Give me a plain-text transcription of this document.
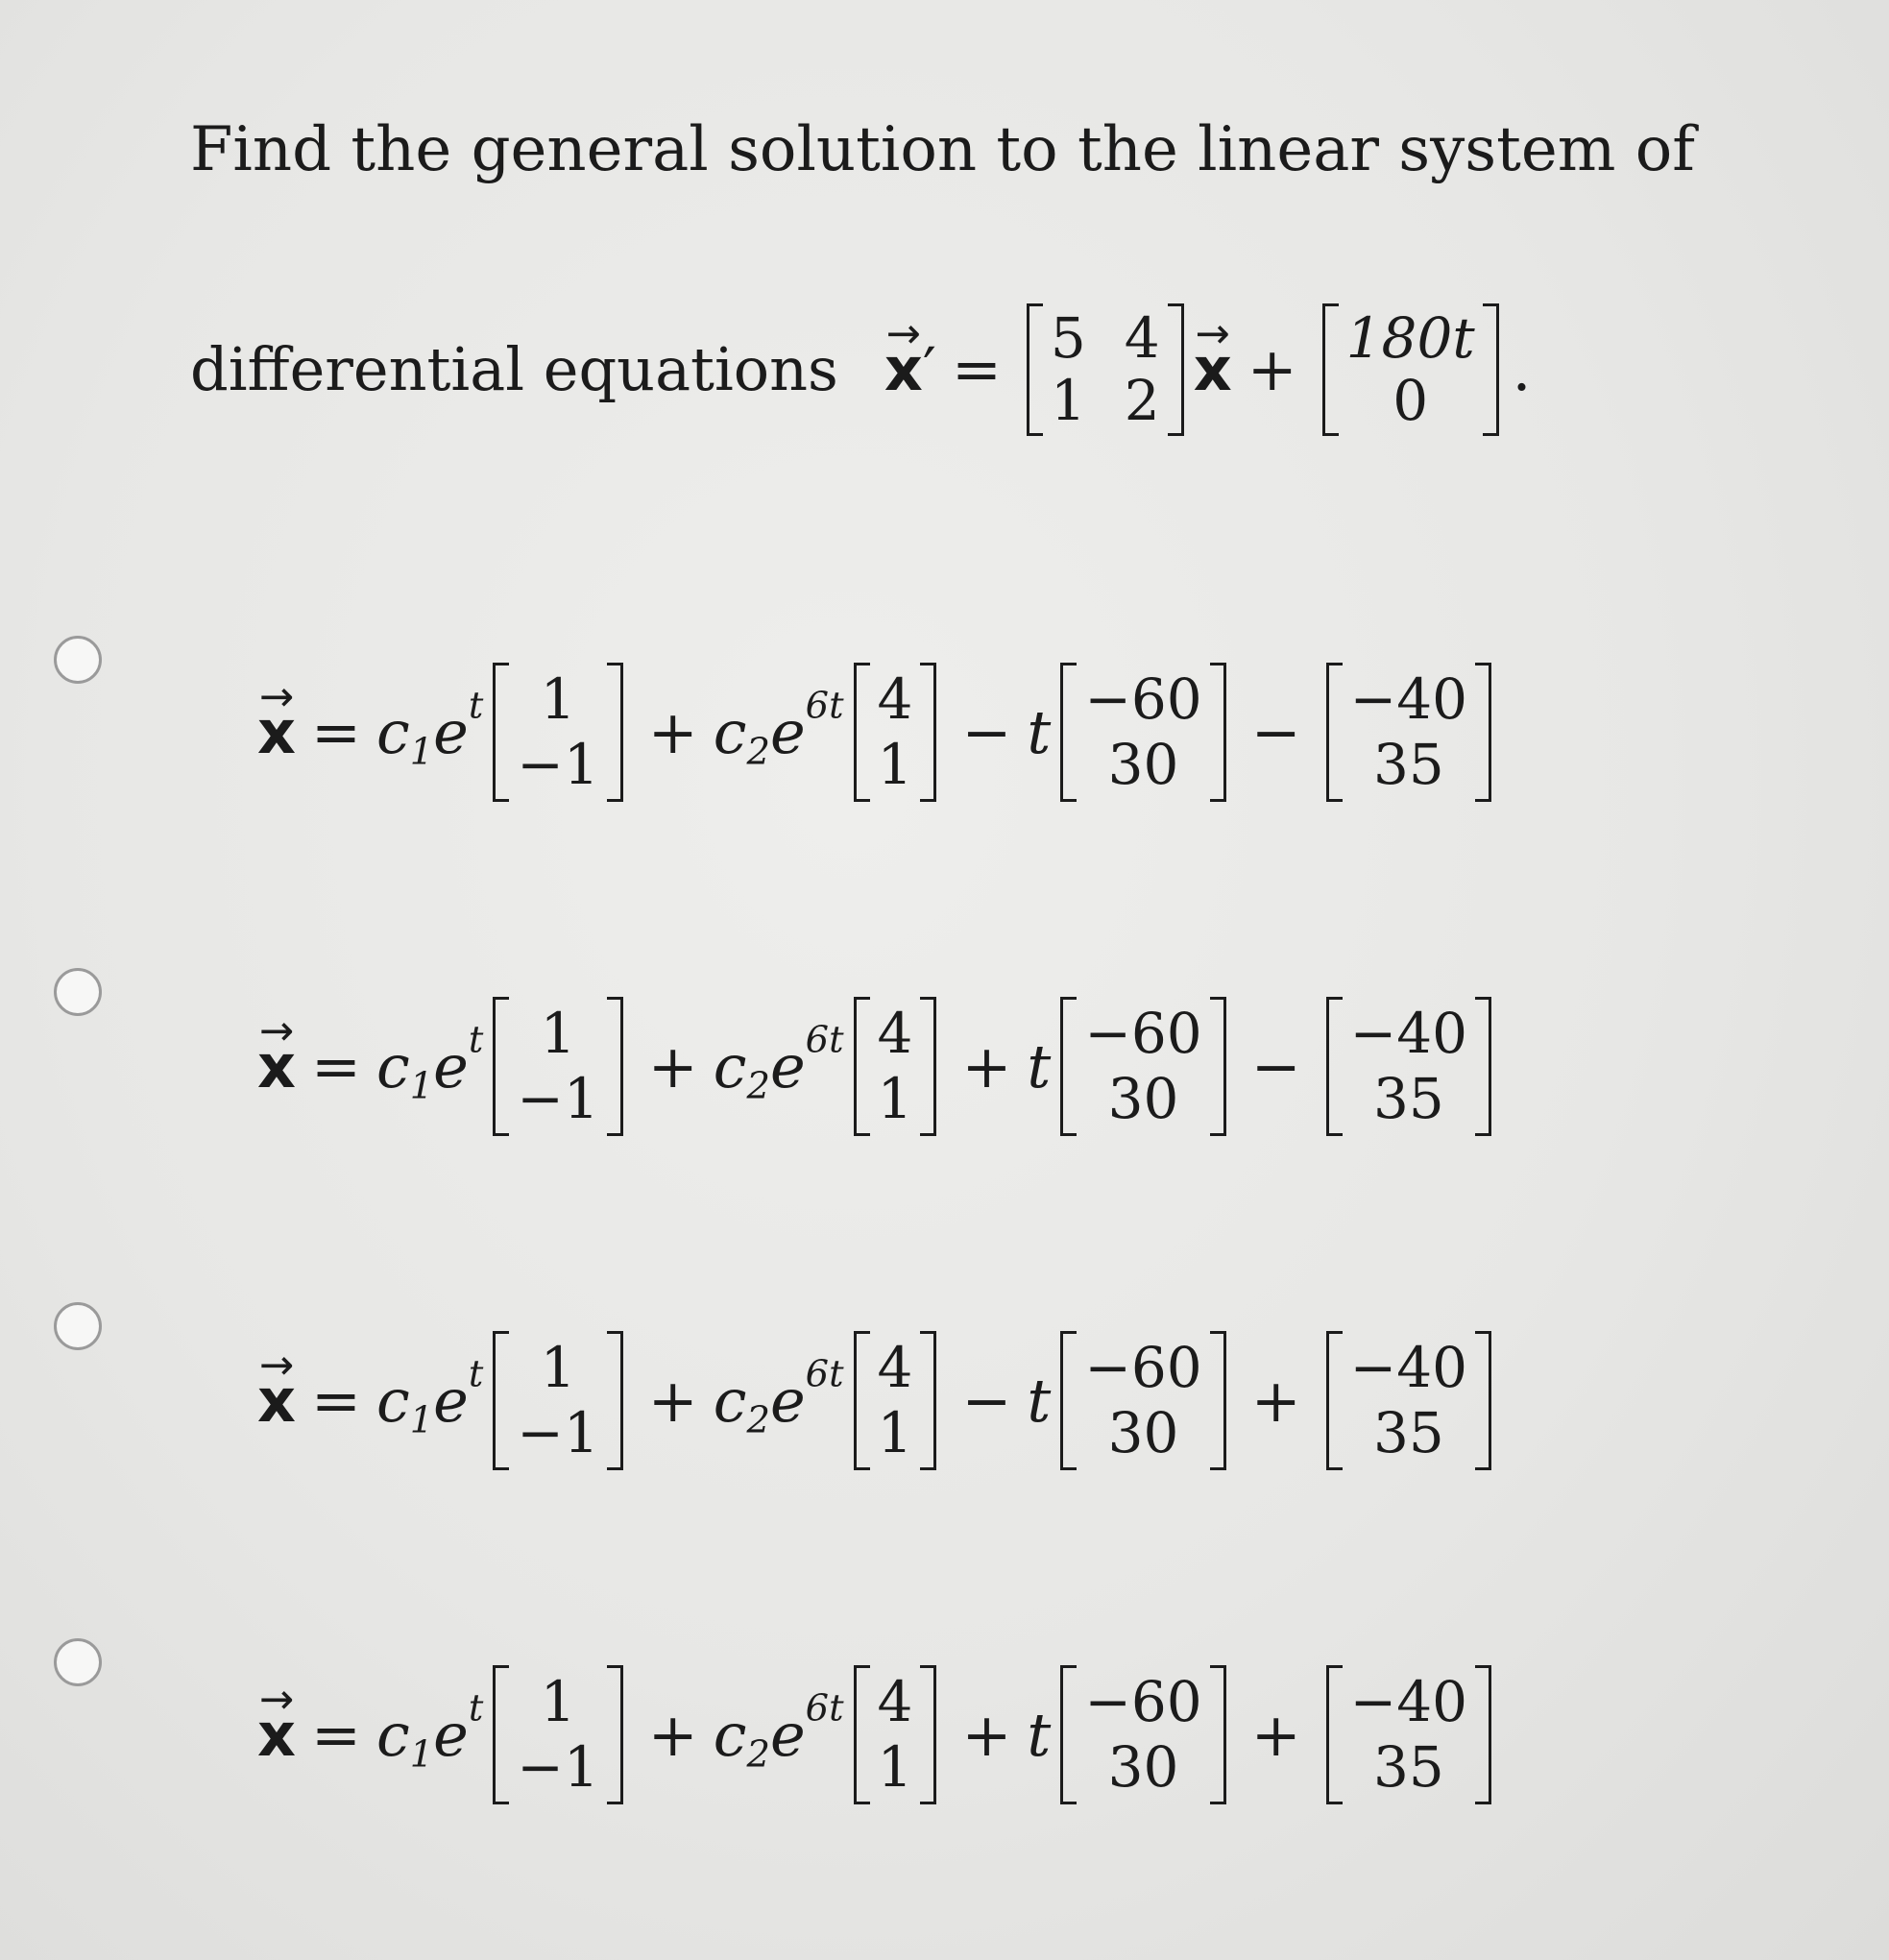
Find the general solution to the linear system of
differential equations → x′ = 5 4
1 2 → x + 180t
0	.
→ $x = c_1e^t$	1
$-1 + c_2e^{6t}$ 4
1 − t −60
30	− −40
35
→ $x = c_1e^t$	1
$-1 + c_2e^{6t}$ 4
1 + t −60
30	− −40
35
→ $x = c_1e^t$	1
$-1 + c_2e^{6t}$ 4
1 − t −60
30	+ −40
35
→ $x = c_1e^t$	1
$-1 + c_2e^{6t}$ 4
1 + t −60
30	+ −40
35
